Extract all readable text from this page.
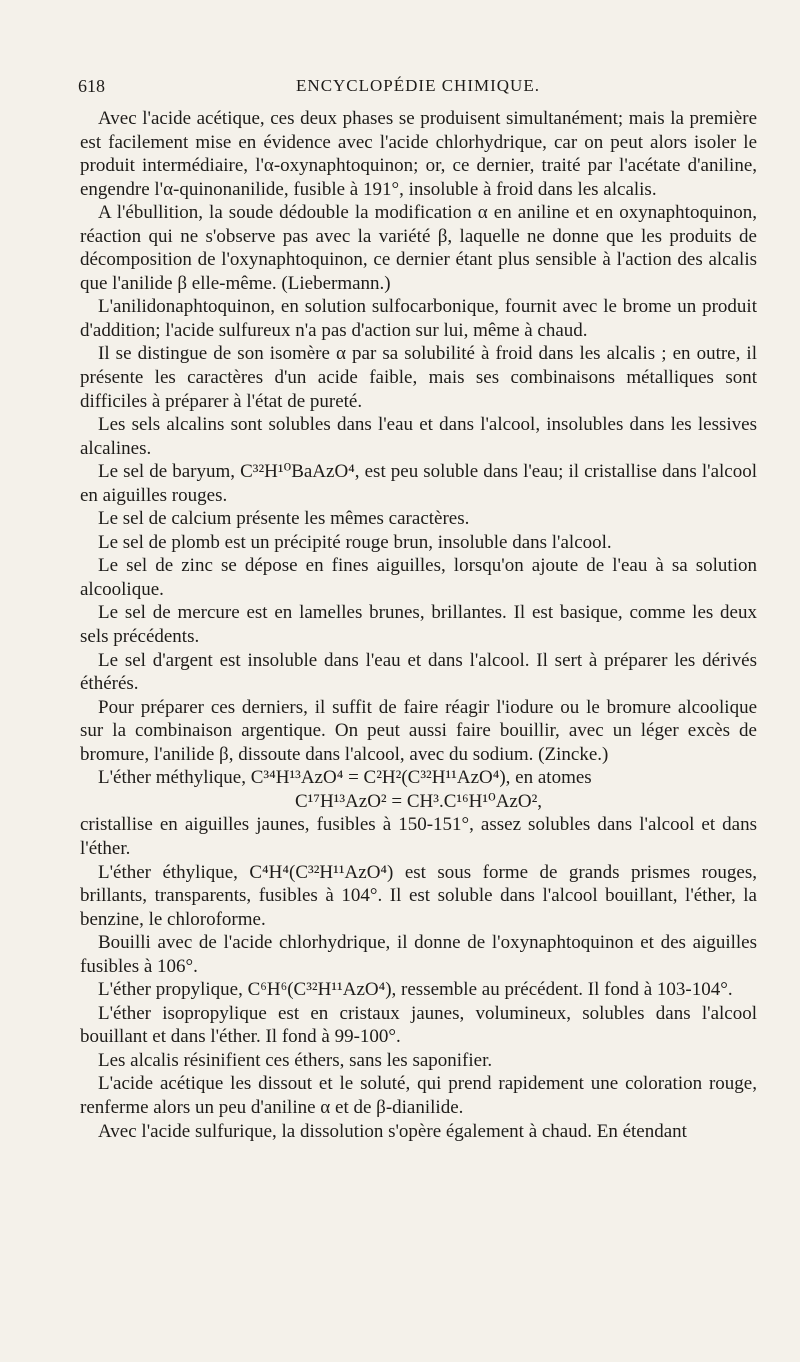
618	ENCYCLOPÉDIE CHIMIQUE.

Avec l'acide acétique, ces deux phases se produisent simultanément; mais la première est facilement mise en évidence avec l'acide chlorhydrique, car on peut alors isoler le produit intermédiaire, l'α-oxynaphtoquinon; or, ce dernier, traité par l'acétate d'aniline, engendre l'α-quinonanilide, fusible à 191°, insoluble à froid dans les alcalis.

A l'ébullition, la soude dédouble la modification α en aniline et en oxynaphtoquinon, réaction qui ne s'observe pas avec la variété β, laquelle ne donne que les produits de décomposition de l'oxynaphtoquinon, ce dernier étant plus sensible à l'action des alcalis que l'anilide β elle-même. (Liebermann.)

L'anilidonaphtoquinon, en solution sulfocarbonique, fournit avec le brome un produit d'addition; l'acide sulfureux n'a pas d'action sur lui, même à chaud.

Il se distingue de son isomère α par sa solubilité à froid dans les alcalis ; en outre, il présente les caractères d'un acide faible, mais ses combinaisons métalliques sont difficiles à préparer à l'état de pureté.

Les sels alcalins sont solubles dans l'eau et dans l'alcool, insolubles dans les lessives alcalines.

Le sel de baryum, C³²H¹⁰BaAzO⁴, est peu soluble dans l'eau; il cristallise dans l'alcool en aiguilles rouges.

Le sel de calcium présente les mêmes caractères.

Le sel de plomb est un précipité rouge brun, insoluble dans l'alcool.

Le sel de zinc se dépose en fines aiguilles, lorsqu'on ajoute de l'eau à sa solution alcoolique.

Le sel de mercure est en lamelles brunes, brillantes. Il est basique, comme les deux sels précédents.

Le sel d'argent est insoluble dans l'eau et dans l'alcool. Il sert à préparer les dérivés éthérés.

Pour préparer ces derniers, il suffit de faire réagir l'iodure ou le bromure alcoolique sur la combinaison argentique. On peut aussi faire bouillir, avec un léger excès de bromure, l'anilide β, dissoute dans l'alcool, avec du sodium. (Zincke.)

L'éther méthylique, C³⁴H¹³AzO⁴ = C²H²(C³²H¹¹AzO⁴), en atomes

C¹⁷H¹³AzO² = CH³.C¹⁶H¹⁰AzO²,

cristallise en aiguilles jaunes, fusibles à 150-151°, assez solubles dans l'alcool et dans l'éther.

L'éther éthylique, C⁴H⁴(C³²H¹¹AzO⁴) est sous forme de grands prismes rouges, brillants, transparents, fusibles à 104°. Il est soluble dans l'alcool bouillant, l'éther, la benzine, le chloroforme.

Bouilli avec de l'acide chlorhydrique, il donne de l'oxynaphtoquinon et des aiguilles fusibles à 106°.

L'éther propylique, C⁶H⁶(C³²H¹¹AzO⁴), ressemble au précédent. Il fond à 103-104°.

L'éther isopropylique est en cristaux jaunes, volumineux, solubles dans l'alcool bouillant et dans l'éther. Il fond à 99-100°.

Les alcalis résinifient ces éthers, sans les saponifier.

L'acide acétique les dissout et le soluté, qui prend rapidement une coloration rouge, renferme alors un peu d'aniline α et de β-dianilide.

Avec l'acide sulfurique, la dissolution s'opère également à chaud. En étendant
